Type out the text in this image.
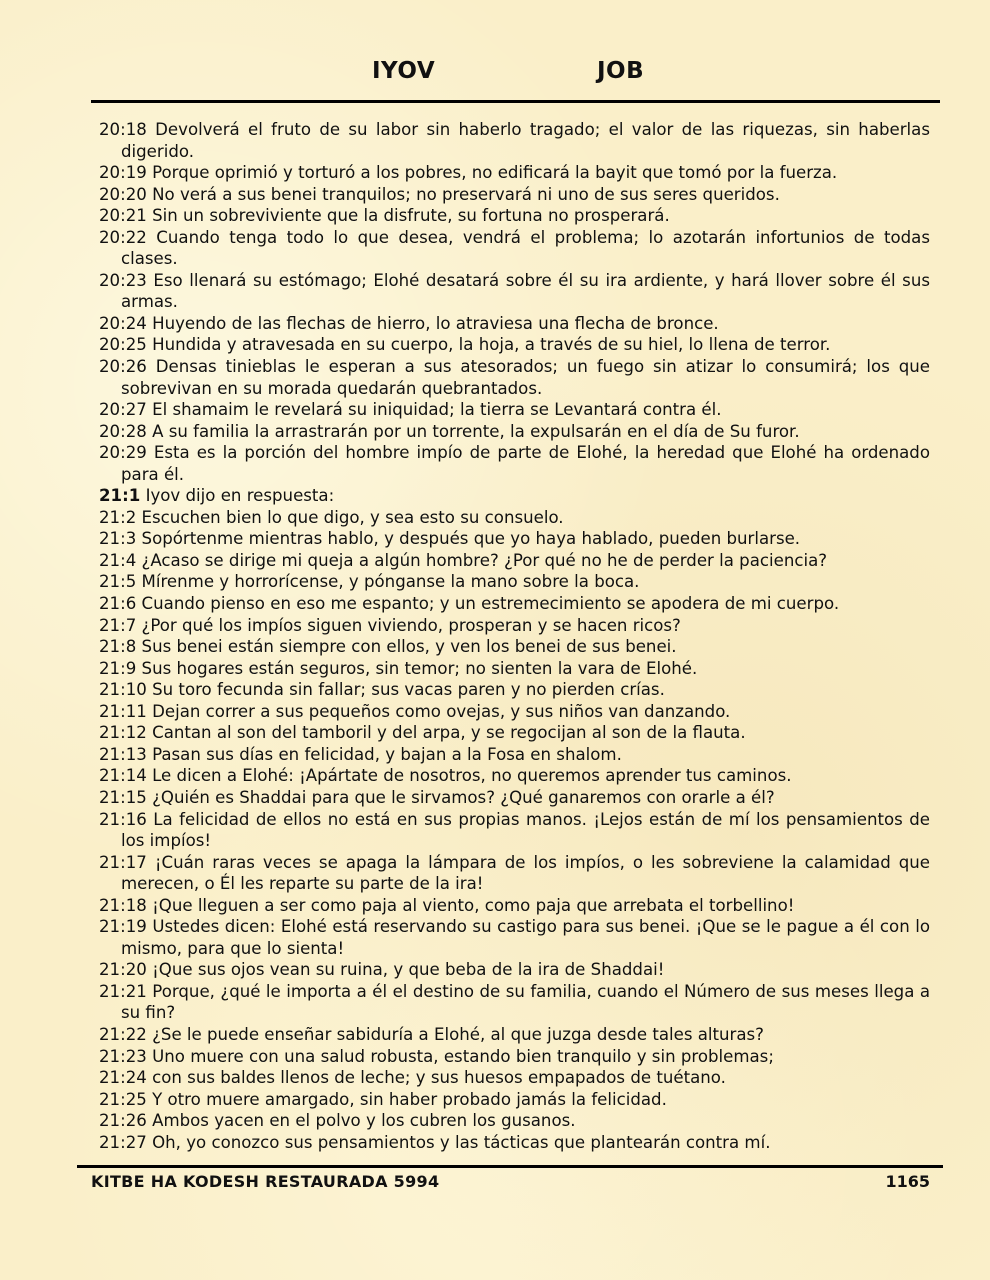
IYOV	JOB

20:18 Devolverá el fruto de su labor sin haberlo tragado; el valor de las riquezas, sin haberlas digerido.

20:19 Porque oprimió y torturó a los pobres, no edificará la bayit que tomó por la fuerza.

20:20 No verá a sus benei tranquilos; no preservará ni uno de sus seres queridos.

20:21 Sin un sobreviviente que la disfrute, su fortuna no prosperará.

20:22 Cuando tenga todo lo que desea, vendrá el problema; lo azotarán infortunios de todas clases.

20:23 Eso llenará su estómago; Elohé desatará sobre él su ira ardiente, y hará llover sobre él sus armas.

20:24 Huyendo de las flechas de hierro, lo atraviesa una flecha de bronce.

20:25 Hundida y atravesada en su cuerpo, la hoja, a través de su hiel, lo llena de terror.

20:26 Densas tinieblas le esperan a sus atesorados; un fuego sin atizar lo consumirá; los que sobrevivan en su morada quedarán quebrantados.

20:27 El shamaim le revelará su iniquidad; la tierra se Levantará contra él.

20:28 A su familia la arrastrarán por un torrente, la expulsarán en el día de Su furor.

20:29 Esta es la porción del hombre impío de parte de Elohé, la heredad que Elohé ha ordenado para él.

21:1 Iyov dijo en respuesta:

21:2 Escuchen bien lo que digo, y sea esto su consuelo.

21:3 Sopórtenme mientras hablo, y después que yo haya hablado, pueden burlarse.

21:4 ¿Acaso se dirige mi queja a algún hombre? ¿Por qué no he de perder la paciencia?

21:5 Mírenme y horrorícense, y pónganse la mano sobre la boca.

21:6 Cuando pienso en eso me espanto; y un estremecimiento se apodera de mi cuerpo.

21:7 ¿Por qué los impíos siguen viviendo, prosperan y se hacen ricos?

21:8 Sus benei están siempre con ellos, y ven los benei de sus benei.

21:9 Sus hogares están seguros, sin temor; no sienten la vara de Elohé.

21:10 Su toro fecunda sin fallar; sus vacas paren y no pierden crías.

21:11 Dejan correr a sus pequeños como ovejas, y sus niños van danzando.

21:12 Cantan al son del tamboril y del arpa, y se regocijan al son de la flauta.

21:13 Pasan sus días en felicidad, y bajan a la Fosa en shalom.

21:14 Le dicen a Elohé: ¡Apártate de nosotros, no queremos aprender tus caminos.

21:15 ¿Quién es Shaddai para que le sirvamos? ¿Qué ganaremos con orarle a él?

21:16 La felicidad de ellos no está en sus propias manos. ¡Lejos están de mí los pensamientos de los impíos!

21:17 ¡Cuán raras veces se apaga la lámpara de los impíos, o les sobreviene la calamidad que merecen, o Él les reparte su parte de la ira!

21:18 ¡Que lleguen a ser como paja al viento, como paja que arrebata el torbellino!

21:19 Ustedes dicen: Elohé está reservando su castigo para sus benei. ¡Que se le pague a él con lo mismo, para que lo sienta!

21:20 ¡Que sus ojos vean su ruina, y que beba de la ira de Shaddai!

21:21 Porque, ¿qué le importa a él el destino de su familia, cuando el Número de sus meses llega a su fin?

21:22 ¿Se le puede enseñar sabiduría a Elohé, al que juzga desde tales alturas?

21:23 Uno muere con una salud robusta, estando bien tranquilo y sin problemas;

21:24 con sus baldes llenos de leche; y sus huesos empapados de tuétano.

21:25 Y otro muere amargado, sin haber probado jamás la felicidad.

21:26 Ambos yacen en el polvo y los cubren los gusanos.

21:27 Oh, yo conozco sus pensamientos y las tácticas que plantearán contra mí.

KITBE HA KODESH RESTAURADA 5994	1165
